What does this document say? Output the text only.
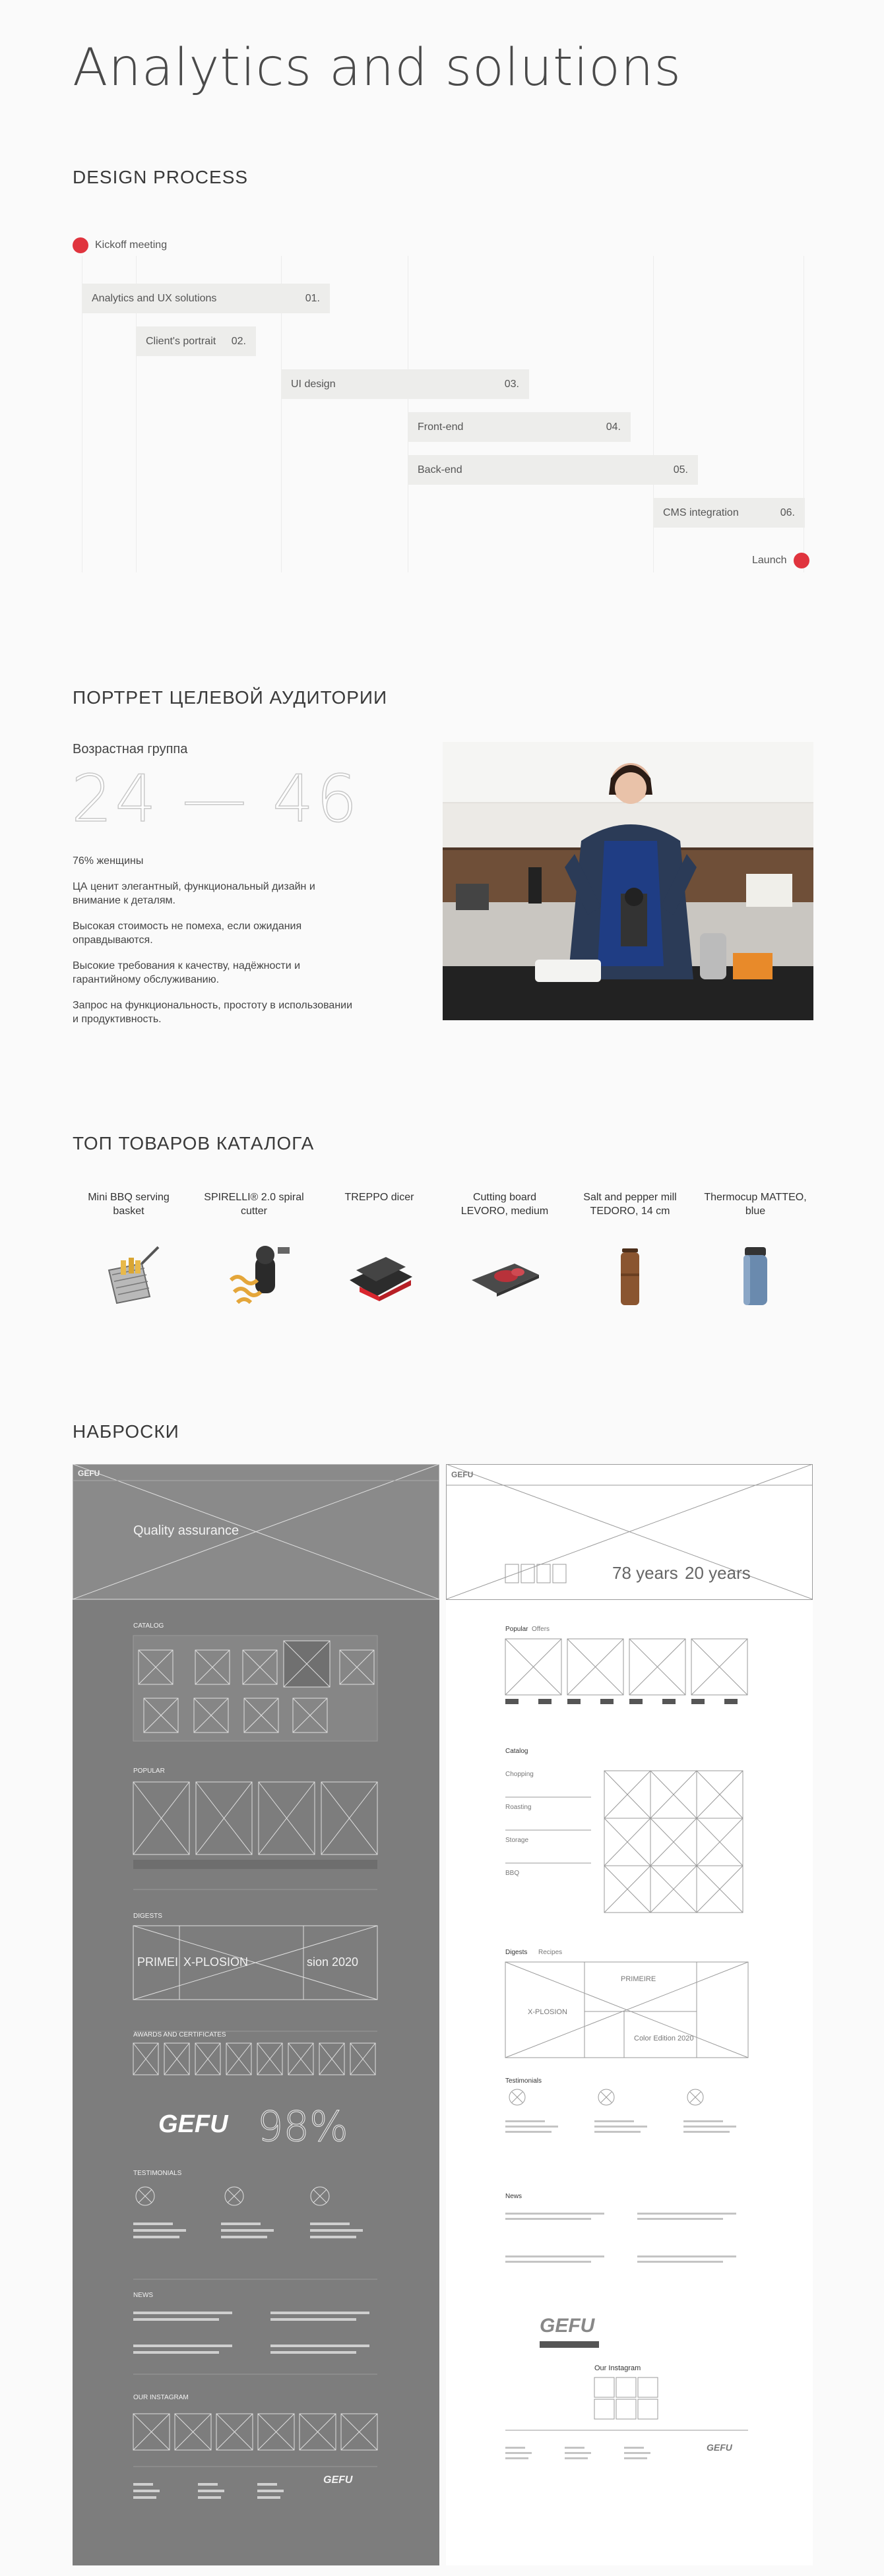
Analytics and solutions
DESIGN PROCESS
Kickoff meeting
Analytics and UX solutions	01.
Client's portrait 02.
UI design	03.
Front-end	04.
Back-end	05.
CMS integration	06.
Launch
ПОРТРЕТ ЦЕЛЕВОЙ АУДИТОРИИ
Возрастная группа
24 — 46

76% женщины

ЦА ценит элегантный, функциональный дизайн и внимание к деталям.

Высокая стоимость не помеха, если ожидания оправдываются.

Высокие требования к качеству, надёжности и гарантийному обслуживанию.

Запрос на функциональность, простоту в использовании и продуктивность.

ТОП ТОВАРОВ КАТАЛОГА
Mini BBQ serving basket
SPIRELLI® 2.0 spiral cutter
TREPPO dicer	Cutting board LEVORO, medium
Salt and pepper mill TEDORO, 14 cm
Thermocup MATTEO, blue
НАБРОСКИ
GEFU
Quality assurance
CATALOG
POPULAR
DIGESTS
PRIMEI X-PLOSION	sion 2020
AWARDS AND CERTIFICATES
GEFU 98%
TESTIMONIALS
NEWS
OUR INSTAGRAM
GEFU
GEFU
78 years 20 years
Popular Offers
Catalog
Chopping
Roasting
Storage
BBQ
Digests Recipes
X-PLOSION
PRIMEIRE
Color Edition 2020
Testimonials
News
Our Instagram
GEFU
GEFU
